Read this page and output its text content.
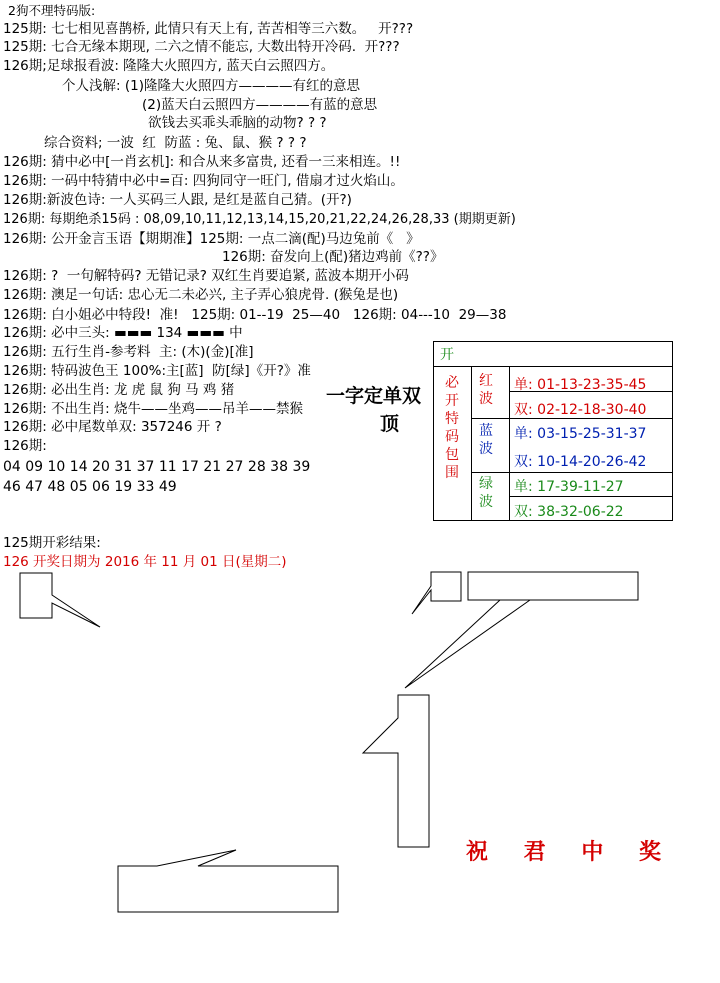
2狗不理特码版:
125期: 七七相见喜鹊桥, 此情只有天上有, 苦苦相等三六数。   开???
125期: 七合无缘本期现, 二六之情不能忘, 大数出特开冷码.  开???
126期;足球报看波: 隆隆大火照四方, 蓝天白云照四方。
个人浅解: (1)隆隆大火照四方————有红的意思
(2)蓝天白云照四方————有蓝的意思
欲钱去买乖头乖脑的动物? ? ?
综合资料; 一波  红  防蓝 : 兔、鼠、猴 ? ? ?
126期: 猜中必中[一肖玄机]: 和合从来多富贵, 还看一三来相连。!!
126期: 一码中特猜中必中=百: 四狗同守一旺门, 借扇才过火焰山。
126期:新波色诗: 一人买码三人跟, 是红是蓝自己猜。(开?)
126期: 每期绝杀15码 : 08,09,10,11,12,13,14,15,20,21,22,24,26,28,33 (期期更新)
126期: 公开金言玉语【期期准】125期: 一点二滴(配)马边兔前《   》
126期: 奋发向上(配)猪边鸡前《??》
126期: ?  一句解特码? 无错记录? 双红生肖要追紧, 蓝波本期开小码
126期: 澳足一句话: 忠心无二未必兴, 主子弄心狼虎骨. (猴兔是也)
126期: 白小姐必中特段!  准!   125期: 01--19  25—40   126期: 04---10  29—38
126期: 必中三头: ▬▬▬ 134 ▬▬▬ 中
126期: 五行生肖-参考料  主: (木)(金)[准]
126期: 特码波色王 100%:主[蓝]  防[绿]《开?》准
126期: 必出生肖: 龙 虎 鼠 狗 马 鸡 猪
126期: 不出生肖: 烧牛——坐鸡——吊羊——禁猴
126期: 必中尾数单双: 357246 开 ?
126期:
04 09 10 14 20 31 37 11 17 21 27 28 38 39
46 47 48 05 06 19 33 49
125期开彩结果:
126 开奖日期为 2016 年 11 月 01 日(星期二)
一字定单双
顶
开
必开特码包围
红波
单: 01-13-23-35-45
双: 02-12-18-30-40
蓝波
单: 03-15-25-31-37
双: 10-14-20-26-42
绿波
单: 17-39-11-27
双: 38-32-06-22
祝 君 中 奖
